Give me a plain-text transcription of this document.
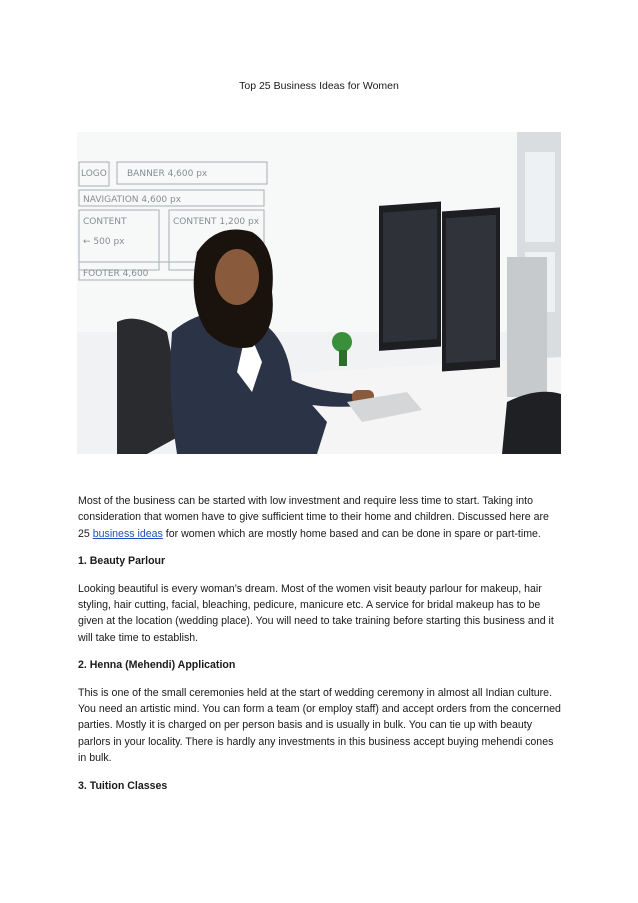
Top 25 Business Ideas for Women
LOGO BANNER 4,600 px
NAVIGATION 4,600 px
CONTENT	CONTENT 1,200 px
← 500 px
FOOTER 4,600

Most of the business can be started with low investment and require less time to start. Taking into consideration that women have to give sufficient time to their home and children. Discussed here are 25 business ideas for women which are mostly home based and can be done in spare or part-time.

1. Beauty Parlour

Looking beautiful is every woman’s dream. Most of the women visit beauty parlour for makeup, hair styling, hair cutting, facial, bleaching, pedicure, manicure etc. A service for bridal makeup has to be given at the location (wedding place). You will need to take training before starting this business and it will take time to establish.

2. Henna (Mehendi) Application

This is one of the small ceremonies held at the start of wedding ceremony in almost all Indian culture. You need an artistic mind. You can form a team (or employ staff) and accept orders from the concerned parties. Mostly it is charged on per person basis and is usually in bulk. You can tie up with beauty parlors in your locality. There is hardly any investments in this business accept buying mehendi cones in bulk.

3. Tuition Classes
